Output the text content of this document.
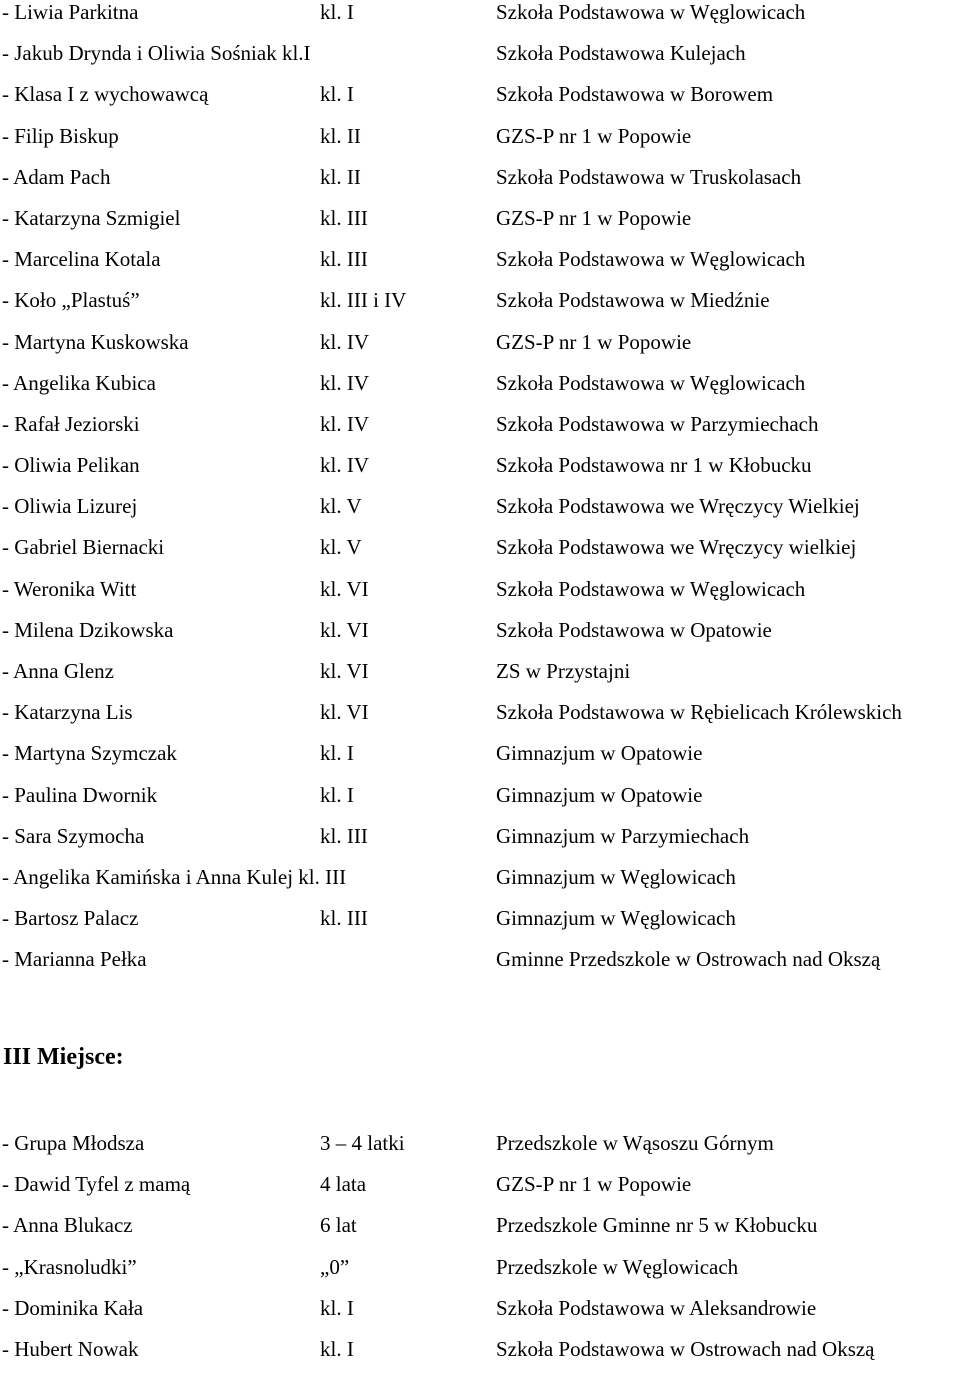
- Liwia Parkitna	kl. I	Szkoła Podstawowa w Węglowicach
- Jakub Drynda i Oliwia Sośniak kl.I	Szkoła Podstawowa Kulejach
- Klasa I z wychowawcą	kl. I	Szkoła Podstawowa w Borowem
- Filip Biskup	kl. II	GZS-P nr 1 w Popowie
- Adam Pach	kl. II	Szkoła Podstawowa w Truskolasach
- Katarzyna Szmigiel	kl. III	GZS-P nr 1 w Popowie
- Marcelina Kotala	kl. III	Szkoła Podstawowa w Węglowicach
- Koło „Plastuś”	kl. III i IV	Szkoła Podstawowa w Miedźnie
- Martyna Kuskowska	kl. IV	GZS-P nr 1 w Popowie
- Angelika Kubica	kl. IV	Szkoła Podstawowa w Węglowicach
- Rafał Jeziorski	kl. IV	Szkoła Podstawowa w Parzymiechach
- Oliwia Pelikan	kl. IV	Szkoła Podstawowa nr 1 w Kłobucku
- Oliwia Lizurej	kl. V	Szkoła Podstawowa we Wręczycy Wielkiej
- Gabriel Biernacki	kl. V	Szkoła Podstawowa we Wręczycy wielkiej
- Weronika Witt	kl. VI	Szkoła Podstawowa w Węglowicach
- Milena Dzikowska	kl. VI	Szkoła Podstawowa w Opatowie
- Anna Glenz	kl. VI	ZS w Przystajni
- Katarzyna Lis	kl. VI	Szkoła Podstawowa w Rębielicach Królewskich
- Martyna Szymczak	kl. I	Gimnazjum w Opatowie
- Paulina Dwornik	kl. I	Gimnazjum w Opatowie
- Sara Szymocha	kl. III	Gimnazjum w Parzymiechach
- Angelika Kamińska i Anna Kulej kl. III	Gimnazjum w Węglowicach
- Bartosz Palacz	kl. III	Gimnazjum w Węglowicach
- Marianna Pełka	Gminne Przedszkole w Ostrowach nad Okszą
III Miejsce:
- Grupa Młodsza	3 – 4 latki	Przedszkole w Wąsoszu Górnym
- Dawid Tyfel z mamą	4 lata	GZS-P nr 1 w Popowie
- Anna Blukacz	6 lat	Przedszkole Gminne nr 5 w Kłobucku
- „Krasnoludki”	„0”	Przedszkole w Węglowicach
- Dominika Kała	kl. I	Szkoła Podstawowa w Aleksandrowie
- Hubert Nowak	kl. I	Szkoła Podstawowa w Ostrowach nad Okszą
